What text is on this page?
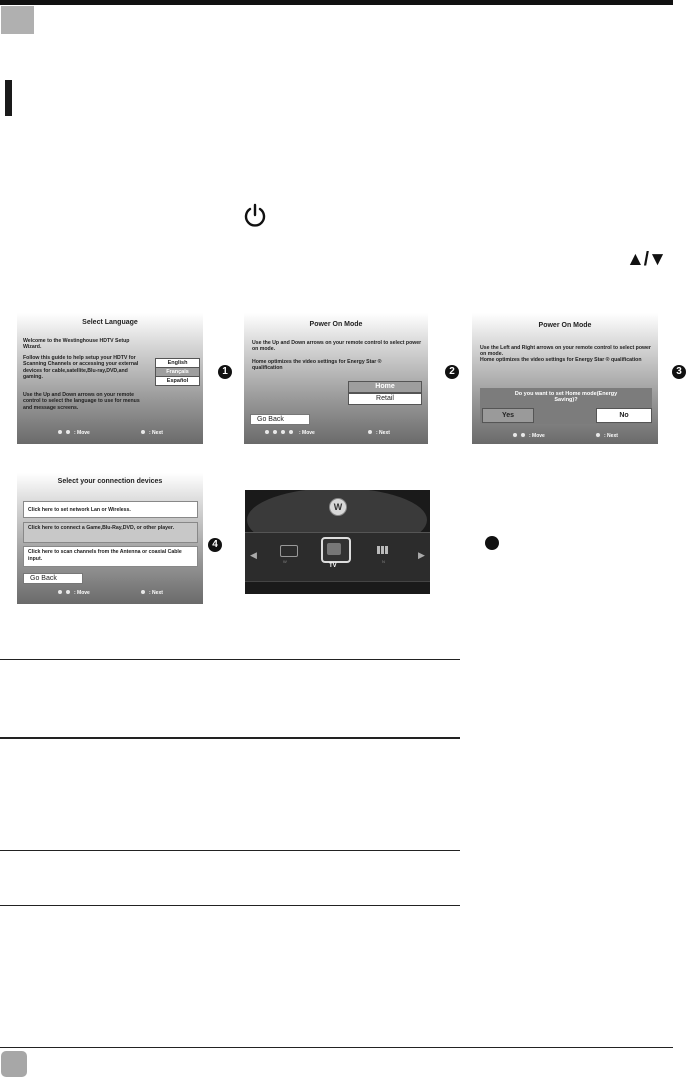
▲/▼
Select Language
Welcome to the Westinghouse HDTV Setup Wizard.
Follow this guide to help setup your HDTV for Scanning Channels or accessing your external devices for cable,satellite,Blu-ray,DVD,and gaming.
Use the Up and Down arrows on your remote control to select the language to use for menus and message screens.
English
Français
Español
: Move	: Next
1
Power On Mode
Use the Up and Down arrows on your remote control to select power on mode.
Home optimizes the video settings for Energy Star ® qualification
Home
Retail
Go Back
: Move	: Next
2
Power On Mode
Use the Left and Right arrows on your remote control to select power on mode.
Home optimizes the video settings for Energy Star ® qualification
Do you want to set Home mode(Energy Saving)?
Yes	No
: Move	: Next
3
Select your connection devices
Click here to set network Lan or Wireless.
Click here to connect a Game,Blu-Ray,DVD, or other player.
Click here to scan channels from the Antenna or coaxial Cable input.
Go Back
: Move	: Next
4
W
◀	▶
W
TV
N
